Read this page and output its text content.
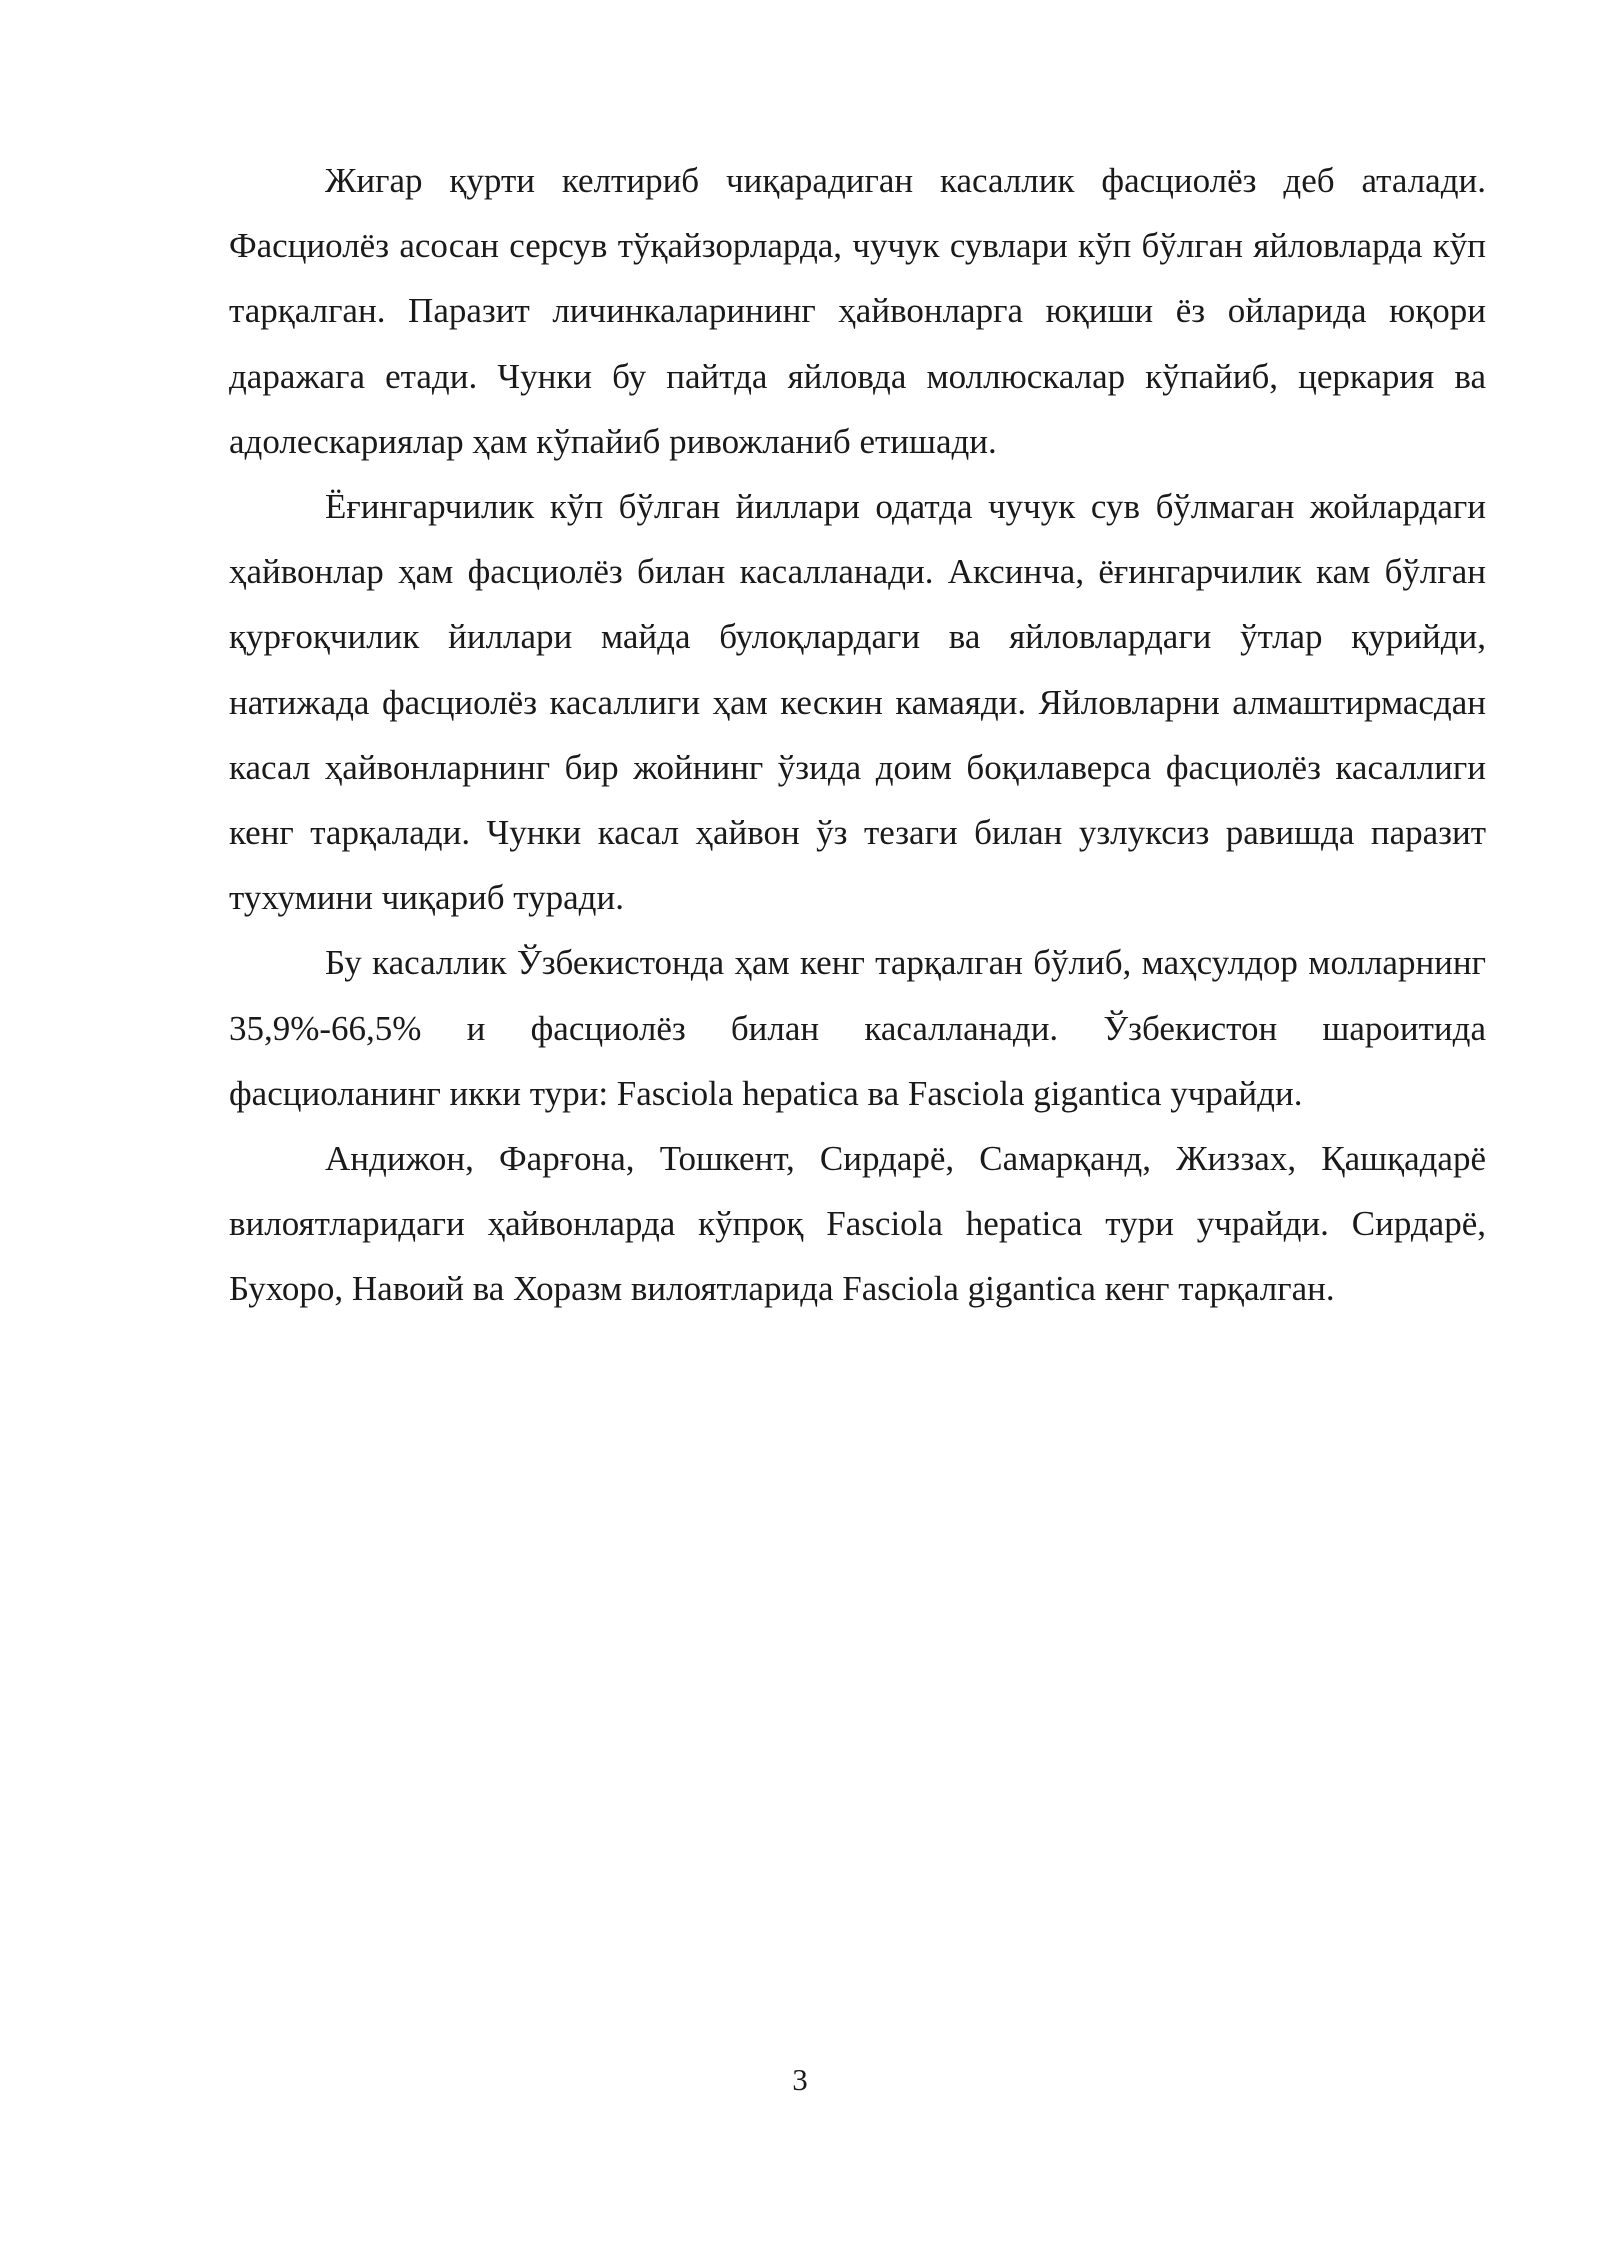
Жигар қурти келтириб чиқарадиган касаллик фасциолёз деб аталади. Фасциолёз асосан серсув тўқайзорларда, чучук сувлари кўп бўлган яйловларда кўп тарқалган. Паразит личинкаларининг ҳайвонларга юқиши ёз ойларида юқори даражага етади. Чунки бу пайтда яйловда моллюскалар кўпайиб, церкария ва адолескариялар ҳам кўпайиб ривожланиб етишади.

Ёғингарчилик кўп бўлган йиллари одатда чучук сув бўлмаган жойлардаги ҳайвонлар ҳам фасциолёз билан касалланади. Аксинча, ёғингарчилик кам бўлган қурғоқчилик йиллари майда булоқлардаги ва яйловлардаги ўтлар қурийди, натижада фасциолёз касаллиги ҳам кескин камаяди. Яйловларни алмаштирмасдан касал ҳайвонларнинг бир жойнинг ўзида доим боқилаверса фасциолёз касаллиги кенг тарқалади. Чунки касал ҳайвон ўз тезаги билан узлуксиз равишда паразит тухумини чиқариб туради.

Бу касаллик Ўзбекистонда ҳам кенг тарқалган бўлиб, маҳсулдор молларнинг 35,9%-66,5% и фасциолёз билан касалланади. Ўзбекистон шароитида фасциоланинг икки тури: Fasciola hepatica ва Fasciola gigantica учрайди.

Андижон, Фарғона, Тошкент, Сирдарё, Самарқанд, Жиззах, Қашқадарё вилоятларидаги ҳайвонларда кўпроқ Fasciola hepatica тури учрайди. Сирдарё, Бухоро, Навоий ва Хоразм вилоятларида Fasciola gigantica кенг тарқалган.

3
